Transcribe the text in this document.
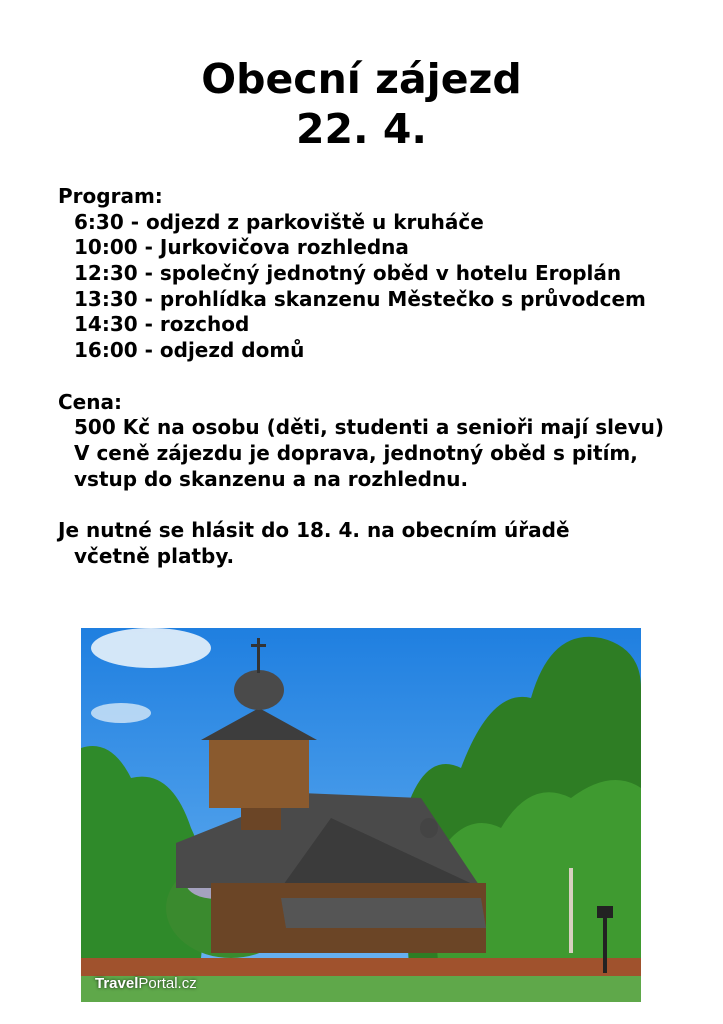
Obecní zájezd
22. 4.
Program:
6:30 - odjezd z parkoviště u kruháče
10:00 - Jurkovičova rozhledna
12:30 - společný jednotný oběd v hotelu Eroplán
13:30 - prohlídka skanzenu Městečko s průvodcem
14:30 - rozchod
16:00 - odjezd domů
Cena:
500 Kč na osobu (děti, studenti a senioři mají slevu)
V ceně zájezdu je doprava, jednotný oběd s pitím,
vstup do skanzenu a na rozhlednu.
Je nutné se hlásit do 18. 4. na obecním úřadě
včetně platby.
TravelPortal.cz
